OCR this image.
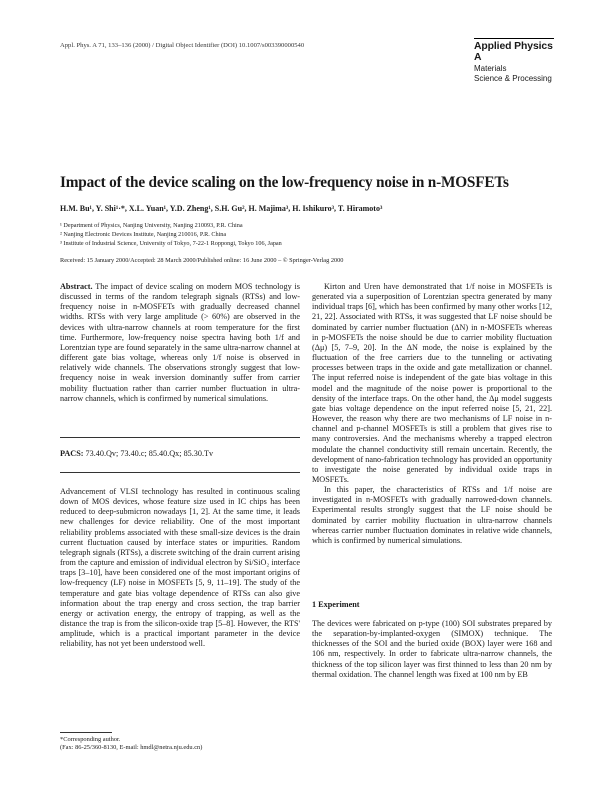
Appl. Phys. A 71, 133–136 (2000) / Digital Object Identifier (DOI) 10.1007/s003390000540	Applied Physics A
Materials
Science & Processing
Impact of the device scaling on the low-frequency noise in n-MOSFETs
H.M. Bu¹, Y. Shi¹·*, X.L. Yuan¹, Y.D. Zheng¹, S.H. Gu², H. Majima³, H. Ishikuro³, T. Hiramoto³
¹ Department of Physics, Nanjing University, Nanjing 210093, P.R. China
² Nanjing Electronic Devices Institute, Nanjing 210016, P.R. China
³ Institute of Industrial Science, University of Tokyo, 7-22-1 Roppongi, Tokyo 106, Japan
Received: 15 January 2000/Accepted: 28 March 2000/Published online: 16 June 2000 – © Springer-Verlag 2000

Abstract. The impact of device scaling on modern MOS technology is discussed in terms of the random telegraph signals (RTSs) and low-frequency noise in n-MOSFETs with gradually decreased channel widths. RTSs with very large amplitude (> 60%) are observed in the devices with ultra-narrow channels at room temperature for the first time. Furthermore, low-frequency noise spectra having both 1/f and Lorentzian type are found separately in the same ultra-narrow channel at different gate bias voltage, whereas only 1/f noise is observed in relatively wide channels. The observations strongly suggest that low-frequency noise in weak inversion dominantly suffer from carrier mobility fluctuation rather than carrier number fluctuation in ultra-narrow channels, which is confirmed by numerical simulations.

PACS: 73.40.Qv; 73.40.c; 85.40.Qx; 85.30.Tv

Advancement of VLSI technology has resulted in continuous scaling down of MOS devices, whose feature size used in IC chips has been reduced to deep-submicron nowadays [1, 2]. At the same time, it leads new challenges for device reliability. One of the most important reliability problems associated with these small-size devices is the drain current fluctuation caused by interface states or impurities. Random telegraph signals (RTSs), a discrete switching of the drain current arising from the capture and emission of individual electron by Si/SiO₂ interface traps [3–10], have been considered one of the most important origins of low-frequency (LF) noise in MOSFETs [5, 9, 11–19]. The study of the temperature and gate bias voltage dependence of RTSs can also give information about the trap energy and cross section, the trap barrier energy or activation energy, the entropy of trapping, as well as the distance the trap is from the silicon-oxide trap [5–8]. However, the RTS' amplitude, which is a practical important parameter in the device reliability, has not yet been understood well.

Kirton and Uren have demonstrated that 1/f noise in MOSFETs is generated via a superposition of Lorentzian spectra generated by many individual traps [6], which has been confirmed by many other works [12, 21, 22]. Associated with RTSs, it was suggested that LF noise should be dominated by carrier number fluctuation (ΔN) in n-MOSFETs whereas in p-MOSFETs the noise should be due to carrier mobility fluctuation (Δμ) [5, 7–9, 20]. In the ΔN mode, the noise is explained by the fluctuation of the free carriers due to the tunneling or activating processes between traps in the oxide and gate metallization or channel. The input referred noise is independent of the gate bias voltage in this model and the magnitude of the noise power is proportional to the density of the interface traps. On the other hand, the Δμ model suggests gate bias voltage dependence on the input referred noise [5, 21, 22]. However, the reason why there are two mechanisms of LF noise in n-channel and p-channel MOSFETs is still a problem that gives rise to many controversies. And the mechanisms whereby a trapped electron modulate the channel conductivity still remain uncertain. Recently, the development of nano-fabrication technology has provided an opportunity to investigate the noise generated by individual oxide traps in MOSFETs.

In this paper, the characteristics of RTSs and 1/f noise are investigated in n-MOSFETs with gradually narrowed-down channels. Experimental results strongly suggest that the LF noise should be dominated by carrier mobility fluctuation in ultra-narrow channels whereas carrier number fluctuation dominates in relative wide channels, which is confirmed by numerical simulations.

1 Experiment

The devices were fabricated on p-type (100) SOI substrates prepared by the separation-by-implanted-oxygen (SIMOX) technique. The thicknesses of the SOI and the buried oxide (BOX) layer were 168 and 106 nm, respectively. In order to fabricate ultra-narrow channels, the thickness of the top silicon layer was first thinned to less than 20 nm by thermal oxidation. The channel length was fixed at 100 nm by EB

*Corresponding author.
(Fax: 86-25/360-8130, E-mail: hmdl@netra.nju.edu.cn)
